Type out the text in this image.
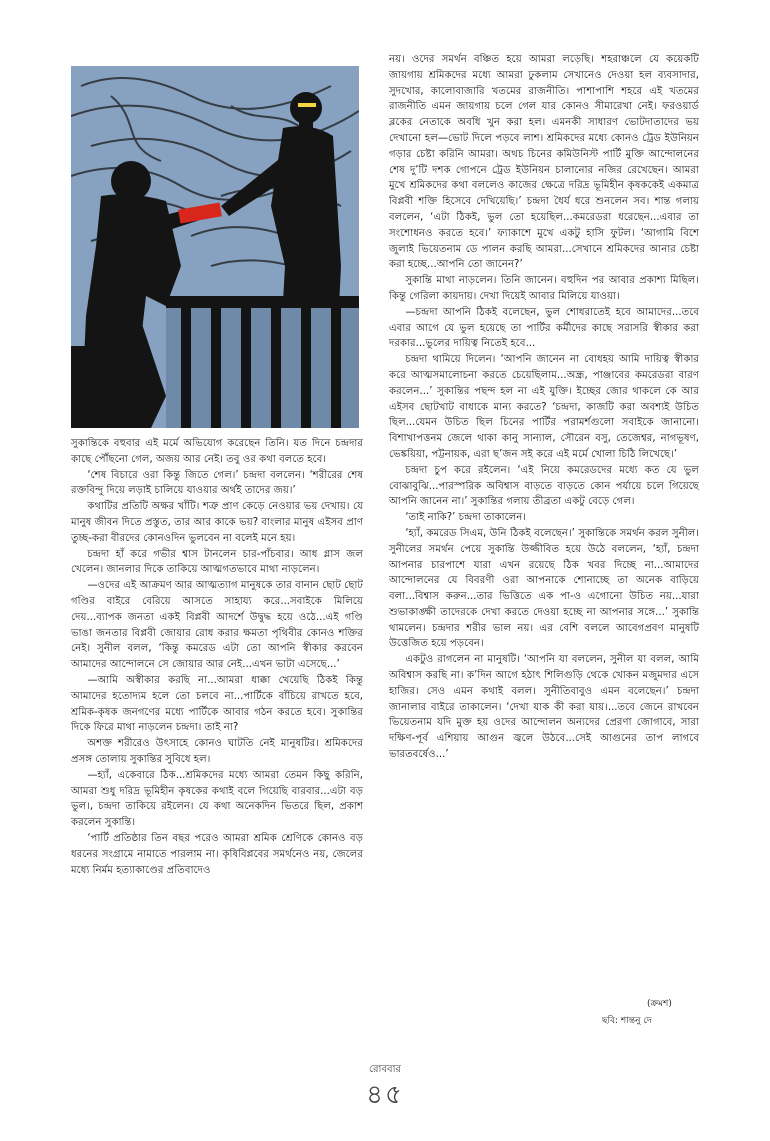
সুকান্তিকে বহুবার এই মর্মে অভিযোগ করেছেন তিনি। যত দিনে চন্দ্রদার কাছে পৌঁছনো গেল, অজয় আর নেই। তবু ওর কথা বলতে হবে।

‘শেষ বিচারে ওরা কিন্তু জিতে গেল।’ চন্দ্রদা বললেন। ‘শরীরের শেষ রক্তবিন্দু দিয়ে লড়াই চালিয়ে যাওয়ার অর্থই তাদের জয়।’

কথাটির প্রতিটি অক্ষর খাঁটি। শত্রু প্রাণ কেড়ে নেওয়ার ভয় দেখায়। যে মানুষ জীবন দিতে প্রস্তুত, তার আর কাকে ভয়? বাংলার মানুষ এইসব প্রাণ তুচ্ছ-করা বীরদের কোনওদিন ভুলবেন না বলেই মনে হয়।

চন্দ্রদা হাঁ করে গভীর শ্বাস টানলেন চার-পাঁচবার। আধ গ্লাস জল খেলেন। জানলার দিকে তাকিয়ে আত্মগতভাবে মাথা নাড়লেন।

—ওদের এই আক্রমণ আর আত্মত্যাগ মানুষকে তার বানান ছোট ছোট গণ্ডির বাইরে বেরিয়ে আসতে সাহায্য করে...সবাইকে মিলিয়ে দেয়...ব্যাপক জনতা একই বিপ্লবী আদর্শে উদ্বুদ্ধ হয়ে ওঠে...এই গণ্ডি ভাঙা জনতার বিপ্লবী জোয়ার রোধ করার ক্ষমতা পৃথিবীর কোনও শক্তির নেই। সুনীল বলল, ‘কিন্তু কমরেড এটা তো আপনি স্বীকার করবেন আমাদের আন্দোলনে সে জোয়ার আর নেই...এখন ভাটা এসেছে...’

—আমি অস্বীকার করছি না...আমরা ধাক্কা খেয়েছি ঠিকই কিন্তু আমাদের হতোদ্যম হলে তো চলবে না...পার্টিকে বাঁচিয়ে রাখতে হবে, শ্রমিক-কৃষক জনগণের মধ্যে পার্টিকে আবার গঠন করতে হবে। সুকান্তির দিকে ফিরে মাথা নাড়লেন চন্দ্রদা। তাই না?

অশক্ত শরীরেও উৎসাহে কোনও ঘাটতি নেই মানুষটির। শ্রমিকদের প্রসঙ্গ তোলায় সুকান্তির সুবিধে হল।

—হ্যাঁ, একেবারে ঠিক...শ্রমিকদের মধ্যে আমরা তেমন কিছু করিনি, আমরা শুধু দরিদ্র ভূমিহীন কৃষকের কথাই বলে গিয়েছি বারবার...এটা বড় ভুল।, চন্দ্রদা তাকিয়ে রইলেন। যে কথা অনেকদিন ভিতরে ছিল, প্রকাশ করলেন সুকান্তি।

‘পার্টি প্রতিষ্ঠার তিন বছর পরেও আমরা শ্রমিক শ্রেণিকে কোনও বড় ধরনের সংগ্রামে নামাতে পারলাম না। কৃষিবিপ্লবের সমর্থনেও নয়, জেলের মধ্যে নির্মম হত্যাকাণ্ডের প্রতিবাদেও

নয়। ওদের সমর্থন বঞ্চিত হয়ে আমরা লড়েছি। শহরাঞ্চলে যে কয়েকটি জায়গায় শ্রমিকদের মধ্যে আমরা ঢুকলাম সেখানেও দেওয়া হল ব্যবসাদার, সুদখোর, কালোবাজারি খতমের রাজনীতি। পাশাপাশি শহরে এই খতমের রাজনীতি এমন জায়গায় চলে গেল যার কোনও সীমারেখা নেই। ফরওয়ার্ড ব্লকের নেতাকে অবধি খুন করা হল। এমনকী সাধারণ ভোটদাতাদের ভয় দেখানো হল—ভোট দিলে পড়বে লাশ। শ্রমিকদের মধ্যে কোনও ট্রেড ইউনিয়ন গড়ার চেষ্টা করিনি আমরা। অথচ চিনের কমিউনিস্ট পার্টি মুক্তি আন্দোলনের শেষ দু’টি দশক গোপনে ট্রেড ইউনিয়ন চালানোর নজির রেখেছেন। আমরা মুখে শ্রমিকদের কথা বললেও কাজের ক্ষেত্রে দরিদ্র ভূমিহীন কৃষককেই একমাত্র বিপ্লবী শক্তি হিসেবে দেখিয়েছি।’ চন্দ্রদা ধৈর্য ধরে শুনলেন সব। শান্ত গলায় বললেন, ‘এটা ঠিকই, ভুল তো হয়েছিল...কমরেডরা ধরেছেন...এবার তা সংশোধনও করতে হবে।’ ফ্যাকাশে মুখে একটু হাসি ফুটল। ‘আগামি বিশে জুলাই ভিয়েতনাম ডে পালন করছি আমরা...সেখানে শ্রমিকদের আনার চেষ্টা করা হচ্ছে...আপনি তো জানেন?’

সুকান্তি মাথা নাড়লেন। তিনি জানেন। বহুদিন পর আবার প্রকাশ্য মিছিল। কিন্তু গেরিলা কায়দায়। দেখা দিয়েই আবার মিলিয়ে যাওয়া।

—চন্দ্রদা আপনি ঠিকই বলেছেন, ভুল শোধরাতেই হবে আমাদের...তবে এবার আগে যে ভুল হয়েছে তা পার্টির কর্মীদের কাছে সরাসরি স্বীকার করা দরকার...ভুলের দায়িত্ব নিতেই হবে...

চন্দ্রদা থামিয়ে দিলেন। ‘আপনি জানেন না বোধহয় আমি দায়িত্ব স্বীকার করে আত্মসমালোচনা করতে চেয়েছিলাম...অন্ধ্র, পাঞ্জাবের কমরেডরা বারণ করলেন...’ সুকান্তির পছন্দ হল না এই যুক্তি। ইচ্ছের জোর থাকলে কে আর এইসব ছোটখাট বাধাকে মান্য করতে? ‘চন্দ্রদা, কাজটি করা অবশ্যই উচিত ছিল...যেমন উচিত ছিল চিনের পার্টির পরামর্শগুলো সবাইকে জানানো। বিশাখাপত্তনম জেলে থাকা কানু সান্যাল, সৌরেন বসু, তেজেশ্বর, নাগভূষণ, ভেঙ্কয়িয়া, পট্টনায়ক, এরা ছ’জন সই করে এই মর্মে খোলা চিঠি লিখেছে।’

চন্দ্রদা চুপ করে রইলেন। ‘এই নিয়ে কমরেডদের মধ্যে কত যে ভুল বোঝাবুঝি...পারস্পরিক অবিশ্বাস বাড়তে বাড়তে কোন পর্যায়ে চলে গিয়েছে আপনি জানেন না।’ সুকান্তির গলায় তীব্রতা একটু বেড়ে গেল।

‘তাই নাকি?’ চন্দ্রদা তাকালেন।

‘হ্যাঁ, কমরেড সিএম, উনি ঠিকই বলেছেন।’ সুকান্তিকে সমর্থন করল সুনীল। সুনীলের সমর্থন পেয়ে সুকান্তি উজ্জীবিত হয়ে উঠে বললেন, ‘হ্যাঁ, চন্দ্রদা আপনার চারপাশে যারা এখন রয়েছে ঠিক খবর দিচ্ছে না...আমাদের আন্দোলনের যে বিবরণী ওরা আপনাকে শোনাচ্ছে তা অনেক বাড়িয়ে বলা...বিশ্বাস করুন...তার ভিত্তিতে এক পা-ও এগোনো উচিত নয়...যারা শুভাকাঙ্ক্ষী তাদেরকে দেখা করতে দেওয়া হচ্ছে না আপনার সঙ্গে...’ সুকান্তি থামলেন। চন্দ্রদার শরীর ভাল নয়। এর বেশি বললে আবেগপ্রবণ মানুষটি উত্তেজিত হয়ে পড়বেন।

একটুও রাগলেন না মানুষটি। ‘আপনি যা বললেন, সুনীল যা বলল, আমি অবিশ্বাস করছি না। ক’দিন আগে হঠাৎ শিলিগুড়ি থেকে খোকন মজুমদার এসে হাজির। সেও এমন কথাই বলল। সুনীতিবাবুও এমন বলেছেন।’ চন্দ্রদা জানালার বাইরে তাকালেন। ‘দেখা যাক কী করা যায়।...তবে জেনে রাখবেন ভিয়েতনাম যদি মুক্ত হয় ওদের আন্দোলন অন্যদের প্রেরণা জোগাবে, সারা দক্ষিণ-পূর্ব এশিয়ায় আগুন জ্বলে উঠবে...সেই আগুনের তাপ লাগবে ভারতবর্ষেও...’

(ক্রমশ)
ছবি: শান্তনু দে
রোববার
৪৫
